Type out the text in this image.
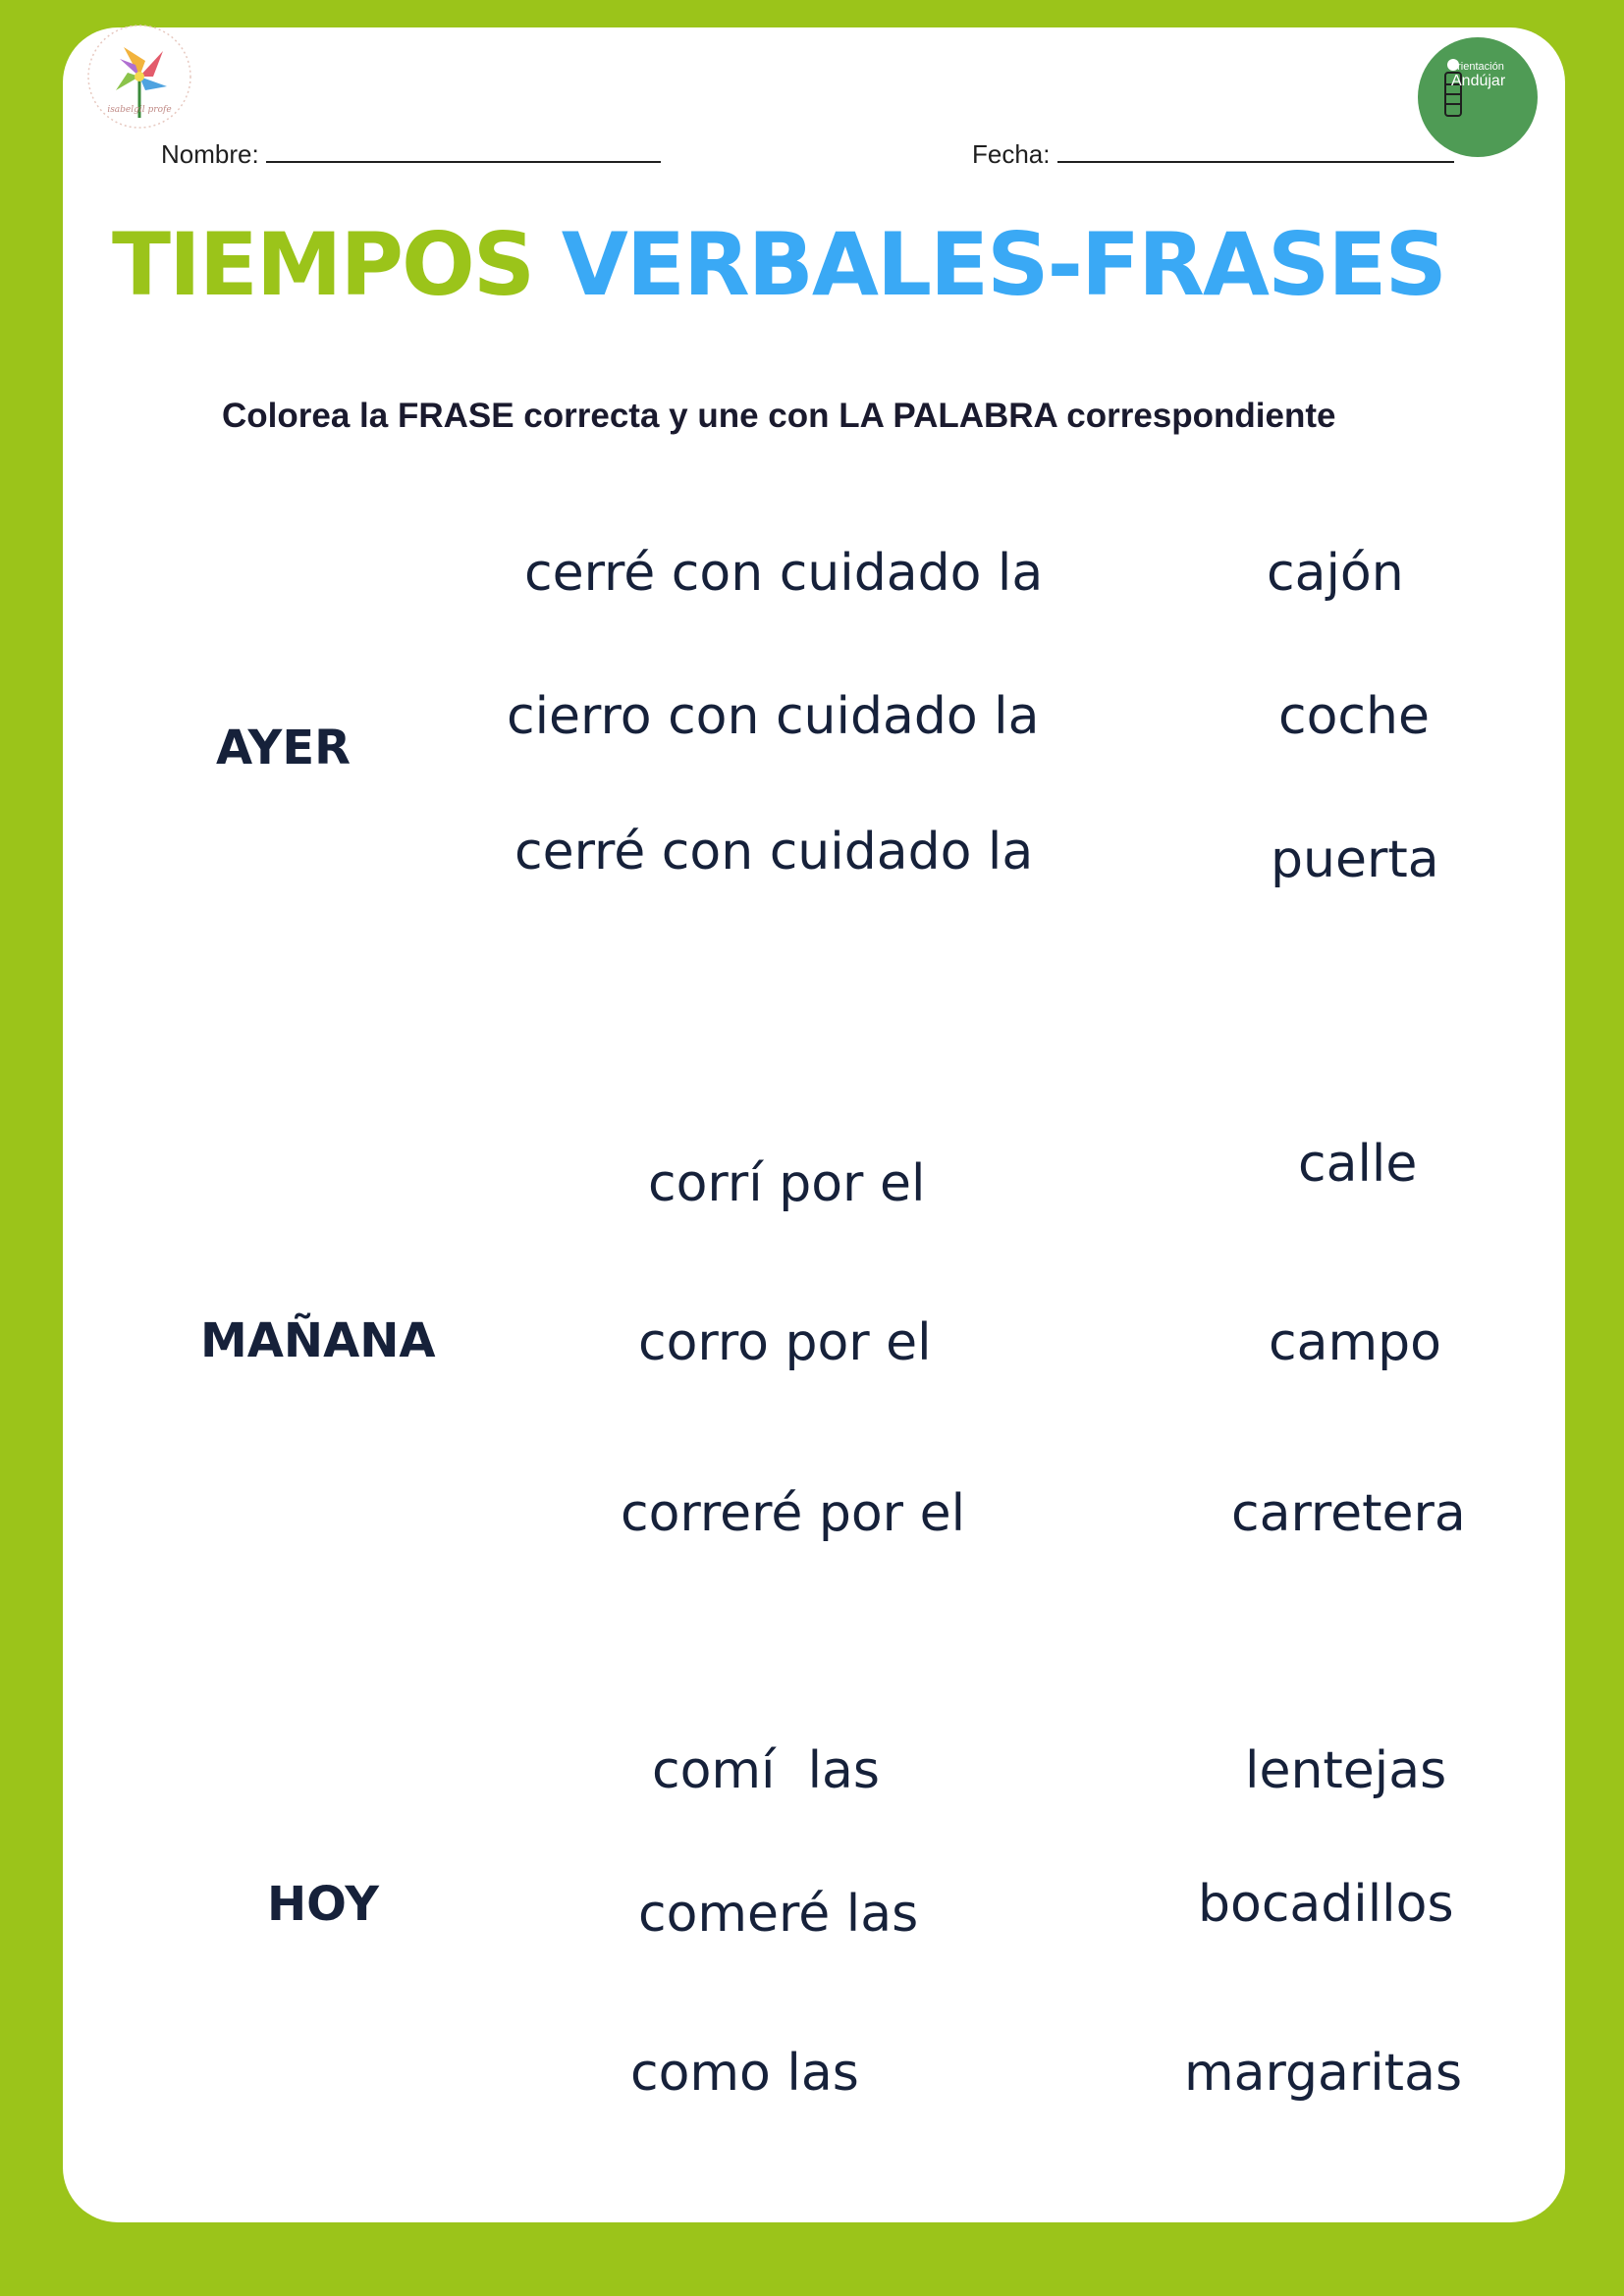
isabelgil profe
orientación
Andújar
Nombre:	Fecha:
TIEMPOS VERBALES-FRASES
Colorea la FRASE correcta y une con LA PALABRA correspondiente
AYER
cerré con cuidado la
cierro con cuidado la
cerré con cuidado la
cajón
coche
puerta
MAÑANA
corrí por el
corro por el
correré por el
calle
campo
carretera
HOY
comí  las
comeré las
como las
lentejas
bocadillos
margaritas
